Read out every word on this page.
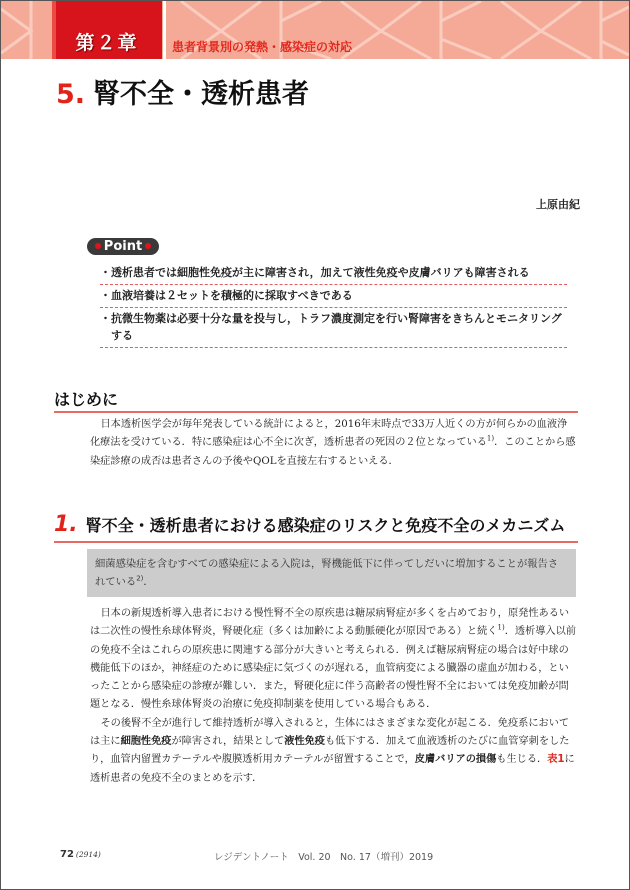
第２章	患者背景別の発熱・感染症の対応
5. 腎不全・透析患者
上原由紀
Point
・透析患者では細胞性免疫が主に障害され，加えて液性免疫や皮膚バリアも障害される
・血液培養は２セットを積極的に採取すべきである
・抗微生物薬は必要十分な量を投与し，トラフ濃度測定を行い腎障害をきちんとモニタリングする
はじめに

日本透析医学会が毎年発表している統計によると，2016年末時点で33万人近くの方が何らかの血液浄化療法を受けている．特に感染症は心不全に次ぎ，透析患者の死因の２位となっている$^{1)}$．このことから感染症診療の成否は患者さんの予後やQOLを直接左右するといえる．

1. 腎不全・透析患者における感染症のリスクと免疫不全のメカニズム
細菌感染症を含むすべての感染症による入院は，腎機能低下に伴ってしだいに増加することが報告されている$^{2)}$．

日本の新規透析導入患者における慢性腎不全の原疾患は糖尿病腎症が多くを占めており，原発性あるいは二次性の慢性糸球体腎炎，腎硬化症（多くは加齢による動脈硬化が原因である）と続く$^{1)}$．透析導入以前の免疫不全はこれらの原疾患に関連する部分が大きいと考えられる．例えば糖尿病腎症の場合は好中球の機能低下のほか，神経症のために感染症に気づくのが遅れる，血管病変による臓器の虚血が加わる，といったことから感染症の診療が難しい．また，腎硬化症に伴う高齢者の慢性腎不全においては免疫加齢が問題となる．慢性糸球体腎炎の治療に免疫抑制薬を使用している場合もある．

その後腎不全が進行して維持透析が導入されると，生体にはさまざまな変化が起こる．免疫系においては主に細胞性免疫が障害され，結果として液性免疫も低下する．加えて血液透析のたびに血管穿刺をしたり，血管内留置カテーテルや腹膜透析用カテーテルが留置することで，皮膚バリアの損傷も生じる．表1に透析患者の免疫不全のまとめを示す．

72 (2914)	レジデントノート　Vol. 20　No. 17（増刊）2019
